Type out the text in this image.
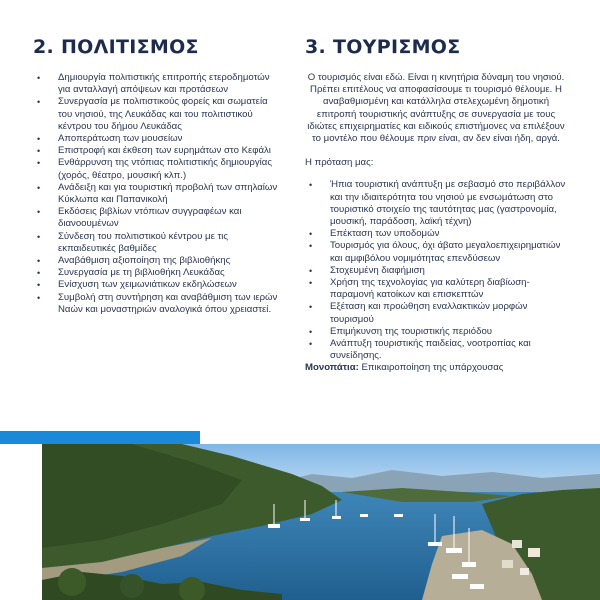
2. ΠΟΛΙΤΙΣΜΟΣ
• Δημιουργία πολιτιστικής επιτροπής ετεροδημοτών για ανταλλαγή απόψεων και προτάσεων
• Συνεργασία με πολιτιστικούς φορείς και σωματεία του νησιού, της Λευκάδας και του πολιτιστικού κέντρου του δήμου Λευκάδας
• Αποπεράτωση των μουσείων
• Επιστροφή και έκθεση των ευρημάτων στο Κεφάλι
• Ενθάρρυνση της ντόπιας πολιτιστικής δημιουργίας (χορός, θέατρο, μουσική κλπ.)
• Ανάδειξη και για τουριστική προβολή των σπηλαίων Κύκλωπα και Παπανικολή
• Εκδόσεις βιβλίων ντόπιων συγγραφέων και διανοουμένων
• Σύνδεση του πολιτιστικού κέντρου με τις εκπαιδευτικές βαθμίδες
• Αναβάθμιση αξιοποίηση της βιβλιοθήκης
• Συνεργασία με τη βιβλιοθήκη Λευκάδας
• Ενίσχυση των χειμωνιάτικων εκδηλώσεων
• Συμβολή στη συντήρηση και αναβάθμιση των ιερών Ναών και μοναστηριών αναλογικά όπου χρειαστεί.
3. ΤΟΥΡΙΣΜΟΣ

Ο τουρισμός είναι εδώ. Είναι η κινητήρια δύναμη του νησιού. Πρέπει επιτέλους να αποφασίσουμε τι τουρισμό θέλουμε. Η αναβαθμισμένη και κατάλληλα στελεχωμένη δημοτική επιτροπή τουριστικής ανάπτυξης σε συνεργασία με τους ιδιώτες επιχειρηματίες και ειδικούς επιστήμονες να επιλέξουν το μοντέλο που θέλουμε πριν είναι, αν δεν είναι ήδη, αργά.

Η πρόταση μας:

• Ήπια τουριστική ανάπτυξη με σεβασμό στο περιβάλλον και την ιδιαιτερότητα του νησιού με ενσωμάτωση στο τουριστικό στοιχείο της ταυτότητας μας (γαστρονομία, μουσική, παράδοση, λαϊκή τέχνη)
• Επέκταση των υποδομών
• Τουρισμός για όλους, όχι άβατο μεγαλοεπιχειρηματιών και αμφιβόλου νομιμότητας επενδύσεων
• Στοχευμένη διαφήμιση
• Χρήση της τεχνολογίας για καλύτερη διαβίωση-παραμονή κατοίκων και επισκεπτών
• Εξέταση και προώθηση εναλλακτικών μορφών τουρισμού
• Επιμήκυνση της τουριστικής περιόδου
• Ανάπτυξη τουριστικής παιδείας, νοοτροπίας και συνείδησης.

Μονοπάτια: Επικαιροποίηση της υπάρχουσας
